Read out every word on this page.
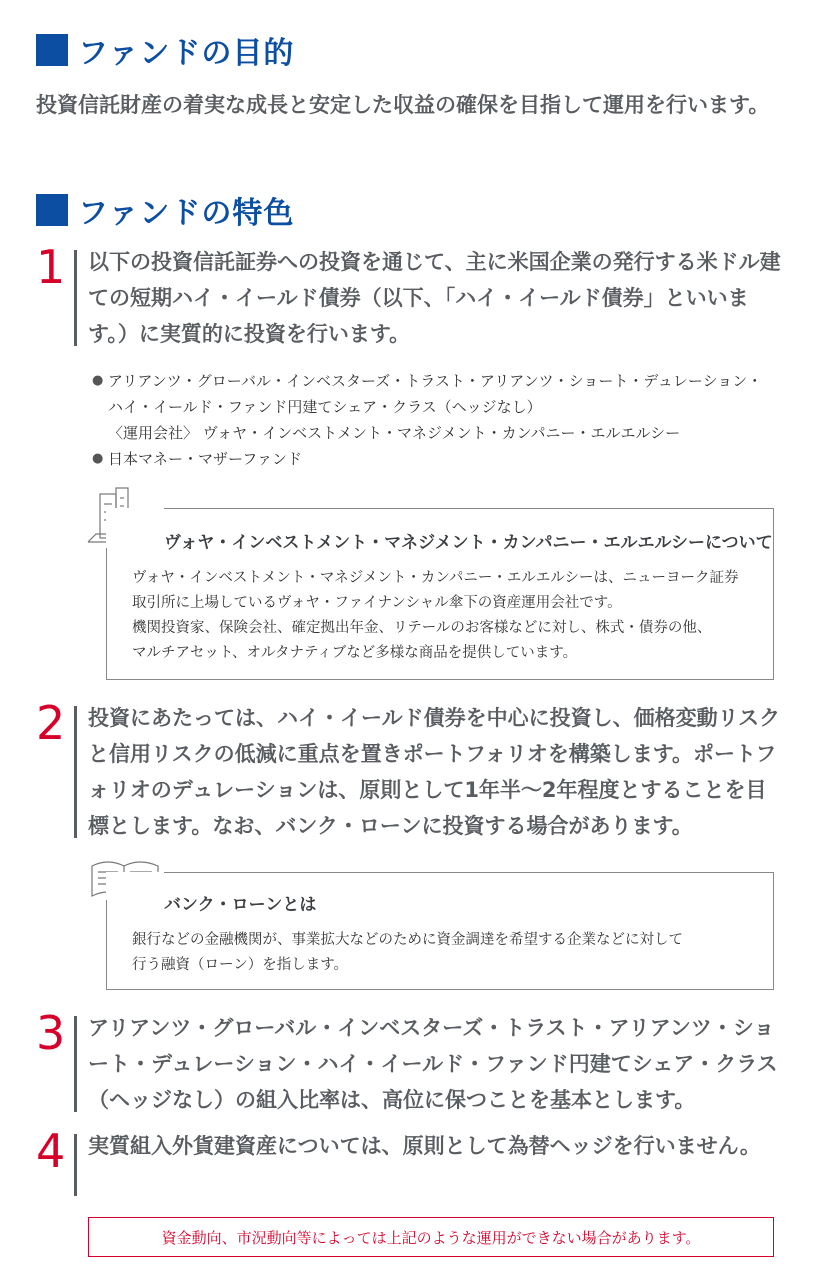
ファンドの目的
投資信託財産の着実な成長と安定した収益の確保を目指して運用を行います。
ファンドの特色
1 以下の投資信託証券への投資を通じて、主に米国企業の発行する米ドル建ての短期ハイ・イールド債券（以下、「ハイ・イールド債券」といいます。）に実質的に投資を行います。
● アリアンツ・グローバル・インベスターズ・トラスト・アリアンツ・ショート・デュレーション・
ハイ・イールド・ファンド円建てシェア・クラス（ヘッジなし）
〈運用会社〉 ヴォヤ・インベストメント・マネジメント・カンパニー・エルエルシー
● 日本マネー・マザーファンド
ヴォヤ・インベストメント・マネジメント・カンパニー・エルエルシーについて
ヴォヤ・インベストメント・マネジメント・カンパニー・エルエルシーは、ニューヨーク証券
取引所に上場しているヴォヤ・ファイナンシャル傘下の資産運用会社です。
機関投資家、保険会社、確定拠出年金、リテールのお客様などに対し、株式・債券の他、
マルチアセット、オルタナティブなど多様な商品を提供しています。
2 投資にあたっては、ハイ・イールド債券を中心に投資し、価格変動リスクと信用リスクの低減に重点を置きポートフォリオを構築します。ポートフォリオのデュレーションは、原則として1年半〜2年程度とすることを目標とします。なお、バンク・ローンに投資する場合があります。
バンク・ローンとは
銀行などの金融機関が、事業拡大などのために資金調達を希望する企業などに対して
行う融資（ローン）を指します。
3 アリアンツ・グローバル・インベスターズ・トラスト・アリアンツ・ショート・デュレーション・ハイ・イールド・ファンド円建てシェア・クラス（ヘッジなし）の組入比率は、高位に保つことを基本とします。
4 実質組入外貨建資産については、原則として為替ヘッジを行いません。
資金動向、市況動向等によっては上記のような運用ができない場合があります。
